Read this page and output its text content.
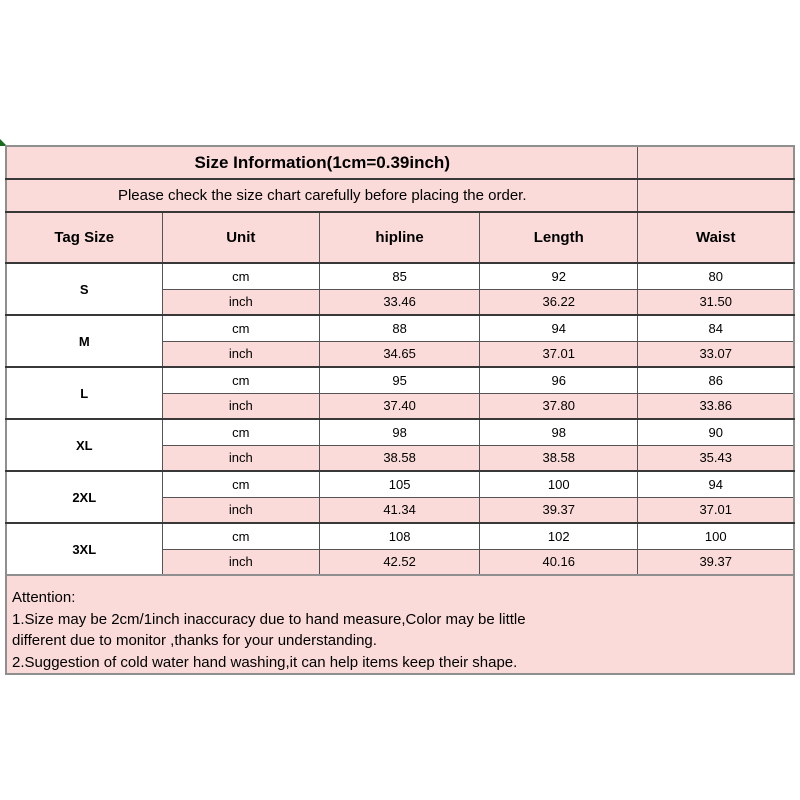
Size Information(1cm=0.39inch)				
Please check the size chart carefully before placing the order.				
Tag Size	Unit	hipline	Length	Waist
S	cm	85	92	80
	inch	33.46	36.22	31.50
M	cm	88	94	84
	inch	34.65	37.01	33.07
L	cm	95	96	86
	inch	37.40	37.80	33.86
XL	cm	98	98	90
	inch	38.58	38.58	35.43
2XL	cm	105	100	94
	inch	41.34	39.37	37.01
3XL	cm	108	102	100
	inch	42.52	40.16	39.37
Attention:
1.Size may be 2cm/1inch inaccuracy due to hand measure,Color may be little
different due to monitor ,thanks for your understanding.
2.Suggestion of cold water hand washing,it can help items keep their shape.
